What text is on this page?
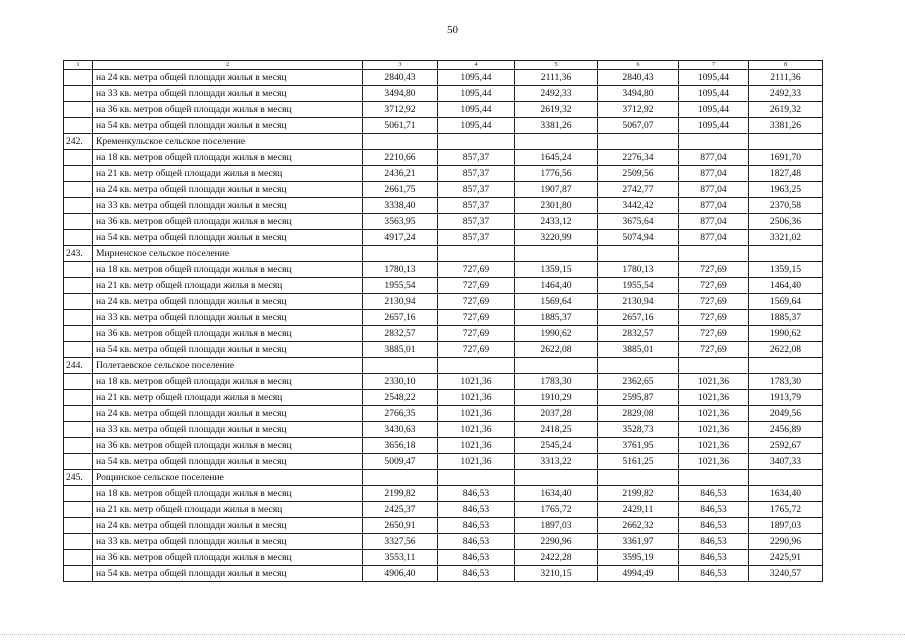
50
1	2	3	4	5	6	7	8
	на 24 кв. метра общей площади жилья в месяц	2840,43	1095,44	2111,36	2840,43	1095,44	2111,36
	на 33 кв. метра общей площади жилья в месяц	3494,80	1095,44	2492,33	3494,80	1095,44	2492,33
	на 36 кв. метров общей площади жилья в месяц	3712,92	1095,44	2619,32	3712,92	1095,44	2619,32
	на 54 кв. метра общей площади жилья в месяц	5061,71	1095,44	3381,26	5067,07	1095,44	3381,26
242.	Кременкульское сельское поселение						
	на 18 кв. метров общей площади жилья в месяц	2210,66	857,37	1645,24	2276,34	877,04	1691,70
	на 21 кв. метр общей площади жилья в месяц	2436,21	857,37	1776,56	2509,56	877,04	1827,48
	на 24 кв. метра общей площади жилья в месяц	2661,75	857,37	1907,87	2742,77	877,04	1963,25
	на 33 кв. метра общей площади жилья в месяц	3338,40	857,37	2301,80	3442,42	877,04	2370,58
	на 36 кв. метров общей площади жилья в месяц	3563,95	857,37	2433,12	3675,64	877,04	2506,36
	на 54 кв. метра общей площади жилья в месяц	4917,24	857,37	3220,99	5074,94	877,04	3321,02
243.	Мирненское сельское поселение						
	на 18 кв. метров общей площади жилья в месяц	1780,13	727,69	1359,15	1780,13	727,69	1359,15
	на 21 кв. метр общей площади жилья в месяц	1955,54	727,69	1464,40	1955,54	727,69	1464,40
	на 24 кв. метра общей площади жилья в месяц	2130,94	727,69	1569,64	2130,94	727,69	1569,64
	на 33 кв. метра общей площади жилья в месяц	2657,16	727,69	1885,37	2657,16	727,69	1885,37
	на 36 кв. метров общей площади жилья в месяц	2832,57	727,69	1990,62	2832,57	727,69	1990,62
	на 54 кв. метра общей площади жилья в месяц	3885,01	727,69	2622,08	3885,01	727,69	2622,08
244.	Полетаевское сельское поселение						
	на 18 кв. метров общей площади жилья в месяц	2330,10	1021,36	1783,30	2362,65	1021,36	1783,30
	на 21 кв. метр общей площади жилья в месяц	2548,22	1021,36	1910,29	2595,87	1021,36	1913,79
	на 24 кв. метра общей площади жилья в месяц	2766,35	1021,36	2037,28	2829,08	1021,36	2049,56
	на 33 кв. метра общей площади жилья в месяц	3430,63	1021,36	2418,25	3528,73	1021,36	2456,89
	на 36 кв. метров общей площади жилья в месяц	3656,18	1021,36	2545,24	3761,95	1021,36	2592,67
	на 54 кв. метра общей площади жилья в месяц	5009,47	1021,36	3313,22	5161,25	1021,36	3407,33
245.	Рощинское сельское поселение						
	на 18 кв. метров общей площади жилья в месяц	2199,82	846,53	1634,40	2199,82	846,53	1634,40
	на 21 кв. метр общей площади жилья в месяц	2425,37	846,53	1765,72	2429,11	846,53	1765,72
	на 24 кв. метра общей площади жилья в месяц	2650,91	846,53	1897,03	2662,32	846,53	1897,03
	на 33 кв. метра общей площади жилья в месяц	3327,56	846,53	2290,96	3361,97	846,53	2290,96
	на 36 кв. метров общей площади жилья в месяц	3553,11	846,53	2422,28	3595,19	846,53	2425,91
	на 54 кв. метра общей площади жилья в месяц	4906,40	846,53	3210,15	4994,49	846,53	3240,57
